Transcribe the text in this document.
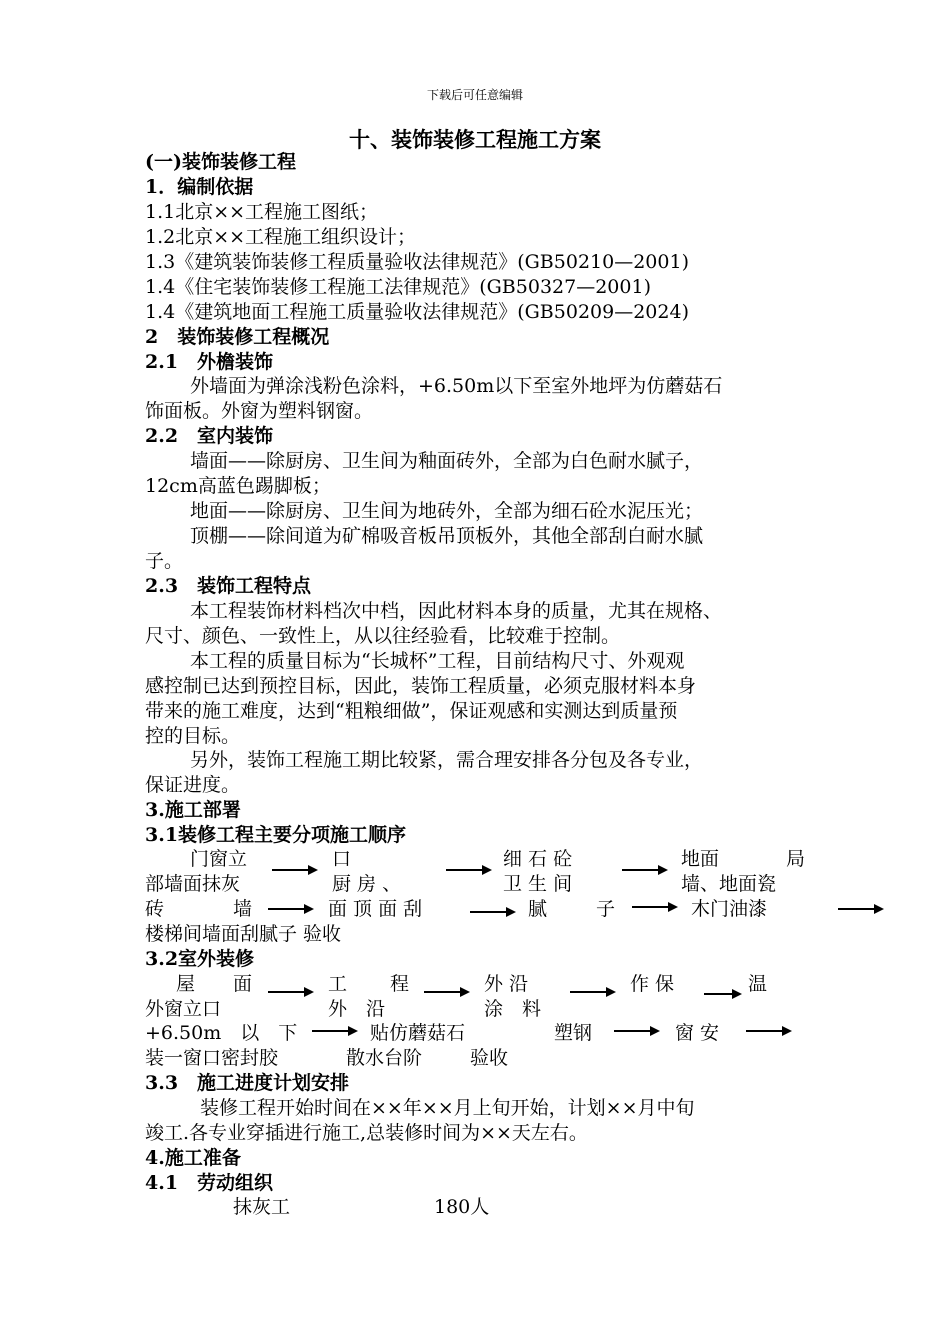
下载后可任意编辑
十、装饰装修工程施工方案
(一)装饰装修工程
1．编制依据
1.1北京××工程施工图纸；
1.2北京××工程施工组织设计；
1.3《建筑装饰装修工程质量验收法律规范》(GB50210—2001)
1.4《住宅装饰装修工程施工法律规范》(GB50327—2001)
1.4《建筑地面工程施工质量验收法律规范》(GB50209—2024)
2　装饰装修工程概况
2.1　外檐装饰
外墙面为弹涂浅粉色涂料，+6.50m以下至室外地坪为仿蘑菇石
饰面板。外窗为塑料钢窗。
2.2　室内装饰
墙面——除厨房、卫生间为釉面砖外，全部为白色耐水腻子，
12cm高蓝色踢脚板；
地面——除厨房、卫生间为地砖外，全部为细石砼水泥压光；
顶棚——除间道为矿棉吸音板吊顶板外，其他全部刮白耐水腻
子。
2.3　装饰工程特点
本工程装饰材料档次中档，因此材料本身的质量，尤其在规格、
尺寸、颜色、一致性上，从以往经验看，比较难于控制。
本工程的质量目标为“长城杯”工程，目前结构尺寸、外观观
感控制已达到预控目标，因此，装饰工程质量，必须克服材料本身
带来的施工难度，达到“粗粮细做”，保证观感和实测达到质量预
控的目标。
另外，装饰工程施工期比较紧，需合理安排各分包及各专业，
保证进度。
3.施工部署
3.1装修工程主要分项施工顺序
门窗立	口	细 石 砼	地面	局
部墙面抹灰	厨 房 、	卫 生 间	墙、地面瓷
砖	墙	面 顶 面 刮	腻	子	木门油漆
楼梯间墙面刮腻子 验收
3.2室外装修
屋 面	工 程	外 沿	作 保	温
外窗立口	外　沿	涂　料
+6.50m　以　下	贴仿蘑菇石	塑钢	窗 安
装一窗口密封胶	散水台阶	验收
3.3　施工进度计划安排
装修工程开始时间在××年××月上旬开始，计划××月中旬
竣工.各专业穿插进行施工,总装修时间为××天左右。
4.施工准备
4.1　劳动组织
抹灰工	180人
